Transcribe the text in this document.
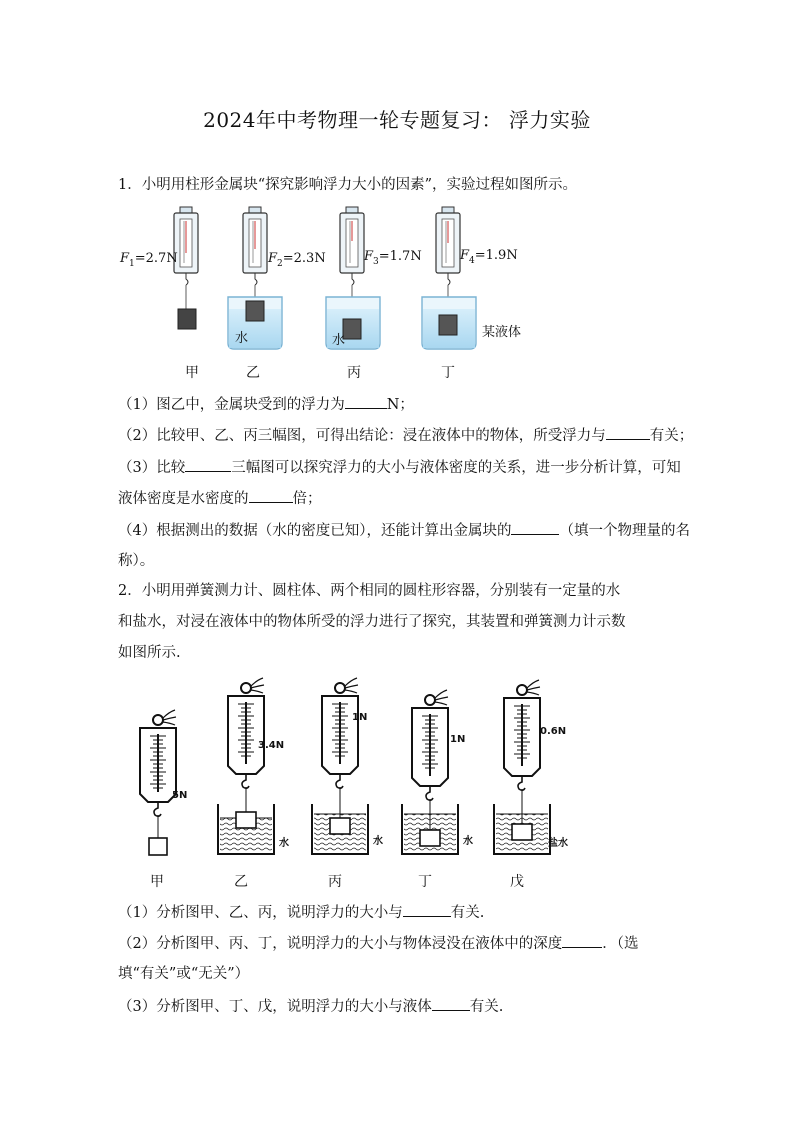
2024年中考物理一轮专题复习： 浮力实验
1．小明用柱形金属块“探究影响浮力大小的因素”，实验过程如图所示。
$F_1=2.7N$	$F_2=2.3N$
水
$F_3=1.7N$
水
$F_4=1.9N$
某液体
甲	乙	丙	丁
（1）图乙中，金属块受到的浮力为	N；
（2）比较甲、乙、丙三幅图，可得出结论：浸在液体中的物体，所受浮力与	有关；
（3）比较	三幅图可以探究浮力的大小与液体密度的关系，进一步分析计算，可知
液体密度是水密度的	倍；
（4）根据测出的数据（水的密度已知），还能计算出金属块的	（填一个物理量的名
称）。
2．小明用弹簧测力计、圆柱体、两个相同的圆柱形容器，分别装有一定量的水
和盐水，对浸在液体中的物体所受的浮力进行了探究，其装置和弹簧测力计示数
如图所示.
5N
3.4N
水
1N
水
1N
水
0.6N
盐水
甲	乙	丙	丁	戊
（1）分析图甲、乙、丙，说明浮力的大小与	有关.
（2）分析图甲、丙、丁，说明浮力的大小与物体浸没在液体中的深度	．（选
填“有关”或“无关”）
（3）分析图甲、丁、戊，说明浮力的大小与液体	有关.
